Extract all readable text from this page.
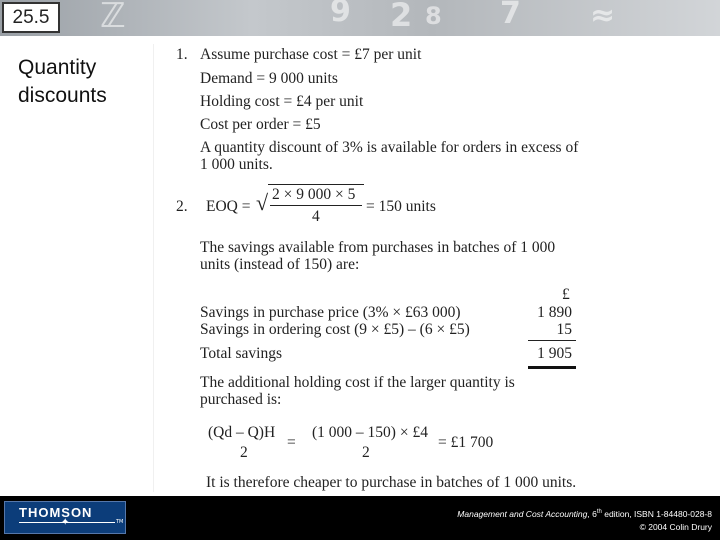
ℤ	9 2 8 7 ≈
25.5
Quantity
discounts
1. Assume purchase cost = £7 per unit
Demand = 9 000 units
Holding cost = £4 per unit
Cost per order = £5
A quantity discount of 3% is available for orders in excess of
1 000 units.
2. EOQ = √ 2 × 9 000 × 5
4
= 150 units
The savings available from purchases in batches of 1 000
units (instead of 150) are:
£
Savings in purchase price (3% × £63 000)	1 890
Savings in ordering cost (9 × £5) – (6 × £5)	15
Total savings	1 905
The additional holding cost if the larger quantity is
purchased is:
(Qd – Q)H
2
=
(1 000 – 150) × £4
2
= £1 700
It is therefore cheaper to purchase in batches of 1 000 units.
THOMSON
✦	TM
Management and Cost Accounting, 6th edition, ISBN 1-84480-028-8
© 2004 Colin Drury
